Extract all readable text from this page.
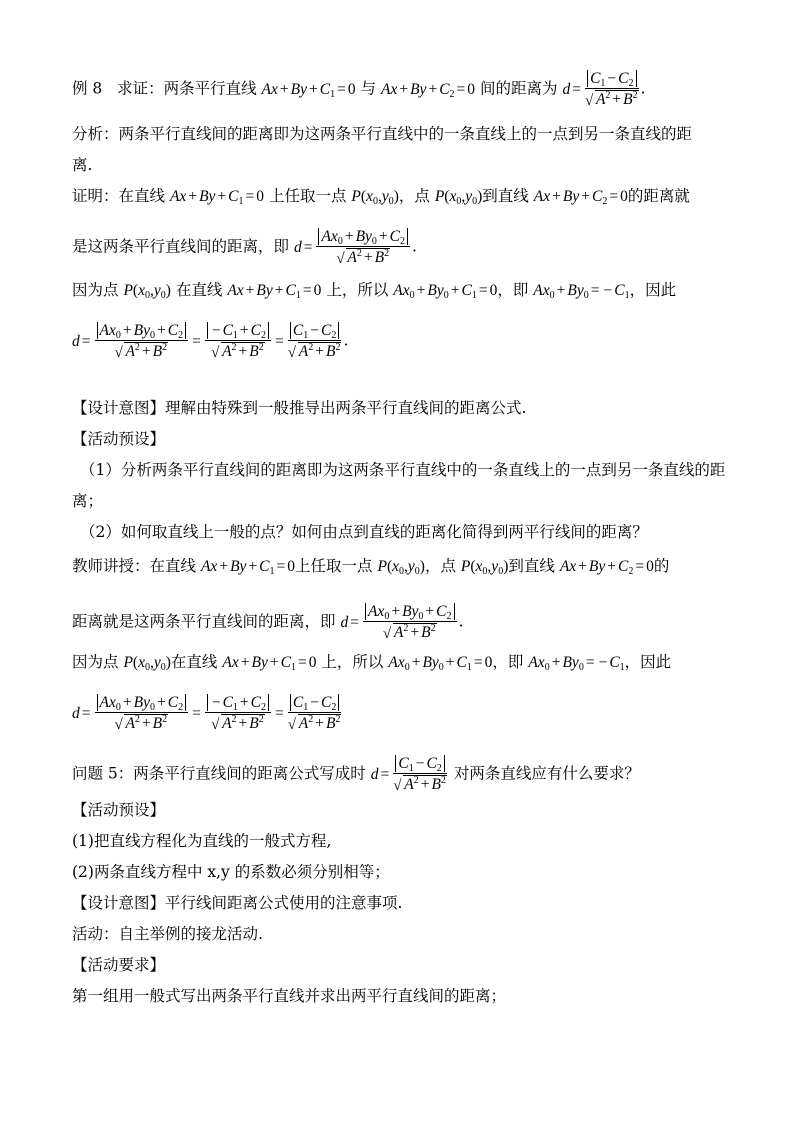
例 8 求证：两条平行直线 $Ax + By + C_1 = 0$ 与 $Ax + By + C_2 = 0$ 间的距离为 $d = \frac{C_1 - C_2}{√ A^2 + B^2}$ .
分析：两条平行直线间的距离即为这两条平行直线中的一条直线上的一点到另一条直线的距
离.
证明：在直线 $Ax + By + C_1 = 0$ 上任取一点 $P(x_0,y_0)$，点 $P(x_0,y_0)$到直线 $Ax + By + C_2 = 0$的距离就
是这两条平行直线间的距离，即 $d = \frac{Ax_0 + By_0 + C_2}{√ A^2 + B^2}$ .
因为点 $P(x_0,y_0)$ 在直线 $Ax + By + C_1 = 0$ 上，所以 $Ax_0 + By_0 + C_1 = 0$，即 $Ax_0 + By_0$ = − $C_1$，因此
$d = \frac{Ax_0 + By_0 + C_2}{√ A^2 + B^2} = \frac{- C_1 + C_2}{√ A^2 + B^2} = \frac{C_1 - C_2}{√ A^2 + B^2}$ .
【设计意图】理解由特殊到一般推导出两条平行直线间的距离公式.
【活动预设】
（1）分析两条平行直线间的距离即为这两条平行直线中的一条直线上的一点到另一条直线的距
离；
（2）如何取直线上一般的点？如何由点到直线的距离化简得到两平行线间的距离？
教师讲授：在直线 $Ax + By + C_1 = 0$上任取一点 $P(x_0,y_0)$，点 $P(x_0,y_0)$到直线 $Ax + By + C_2 = 0$的
距离就是这两条平行直线间的距离，即 $d = \frac{Ax_0 + By_0 + C_2}{√ A^2 + B^2}$ .
因为点 $P(x_0,y_0)$在直线 $Ax + By + C_1 = 0$ 上，所以 $Ax_0 + By_0 + C_1 = 0$，即 $Ax_0 + By_0$ = − $C_1$，因此
$d = \frac{Ax_0 + By_0 + C_2}{√ A^2 + B^2} = \frac{- C_1 + C_2}{√ A^2 + B^2} = \frac{C_1 - C_2}{√ A^2 + B^2}$
问题 5：两条平行直线间的距离公式写成时 $d = \frac{C_1 - C_2}{√ A^2 + B^2}$ 对两条直线应有什么要求？
【活动预设】
(1)把直线方程化为直线的一般式方程,
(2)两条直线方程中 x,y 的系数必须分别相等；
【设计意图】平行线间距离公式使用的注意事项.
活动：自主举例的接龙活动.
【活动要求】
第一组用一般式写出两条平行直线并求出两平行直线间的距离；
